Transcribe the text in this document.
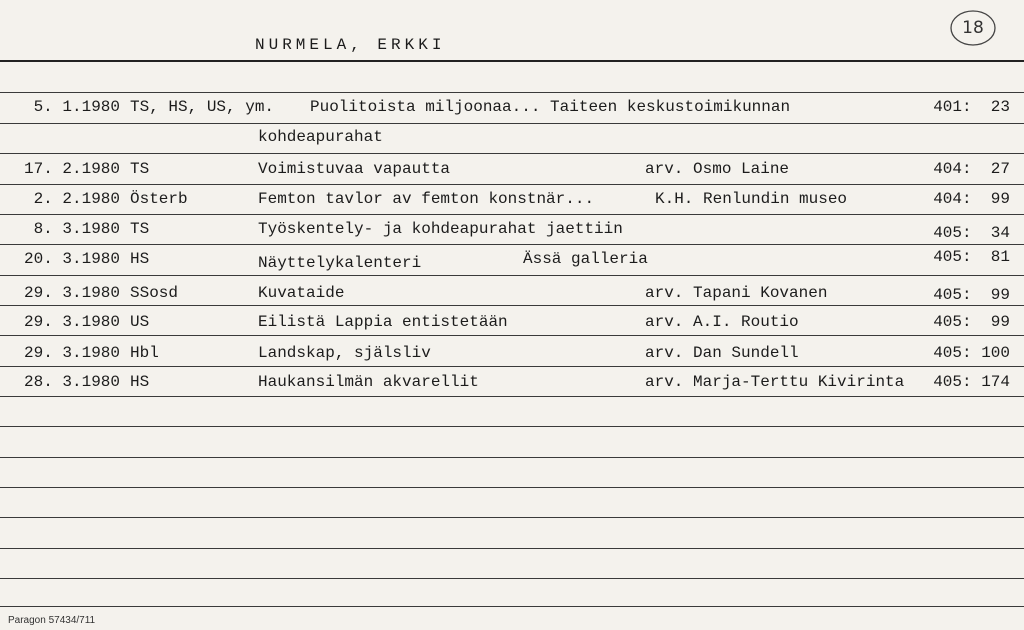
NURMELA, ERKKI
18
5. 1.1980 TS, HS, US, ym. Puolitoista miljoonaa... Taiteen keskustoimikunnan	401:  23
kohdeapurahat
17. 2.1980 TS	Voimistuvaa vapautta	arv. Osmo Laine	404:  27
2. 2.1980 Österb	Femton tavlor av femton konstnär...	K.H. Renlundin museo	404:  99
8. 3.1980 TS	Työskentely- ja kohdeapurahat jaettiin	405:  34
20. 3.1980 HS	Näyttelykalenteri	Ässä galleria	405:  81
29. 3.1980 SSosd	Kuvataide	arv. Tapani Kovanen	405:  99
29. 3.1980 US	Eilistä Lappia entistetään	arv. A.I. Routio	405:  99
29. 3.1980 Hbl	Landskap, själsliv	arv. Dan Sundell	405: 100
28. 3.1980 HS	Haukansilmän akvarellit	arv. Marja-Terttu Kivirinta	405: 174
Paragon 57434/711
